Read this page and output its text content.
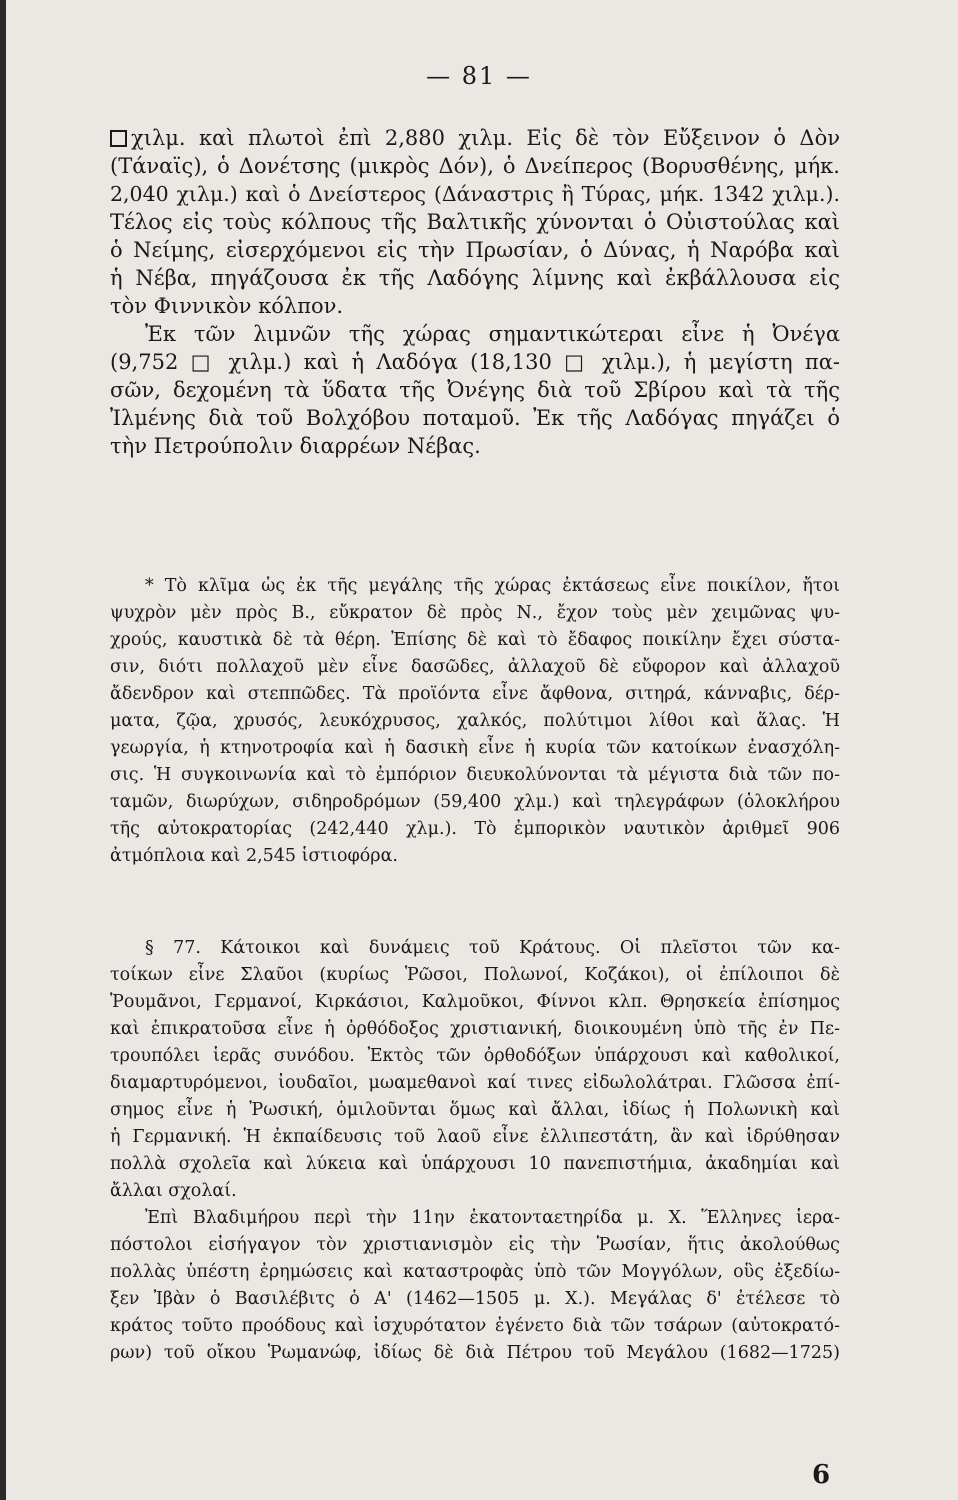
— 81 —
χιλμ. καὶ πλωτοὶ ἐπὶ 2,880 χιλμ. Εἰς δὲ τὸν Εὔξεινον ὁ Δὸν
(Τάναϊς), ὁ Δονέτσης (μικρὸς Δόν), ὁ Δνείπερος (Βορυσθένης, μήκ.
2,040 χιλμ.) καὶ ὁ Δνείστερος (Δάναστρις ἢ Τύρας, μήκ. 1342 χιλμ.).
Τέλος εἰς τοὺς κόλπους τῆς Βαλτικῆς χύνονται ὁ Οὐιστούλας καὶ
ὁ Νείμης, εἰσερχόμενοι εἰς τὴν Πρωσίαν, ὁ Δύνας, ἡ Ναρόβα καὶ
ἡ Νέβα, πηγάζουσα ἐκ τῆς Λαδόγης λίμνης καὶ ἐκβάλλουσα εἰς
τὸν Φιννικὸν κόλπον.
Ἐκ τῶν λιμνῶν τῆς χώρας σημαντικώτεραι εἶνε ἡ Ὀνέγα
(9,752 □ χιλμ.) καὶ ἡ Λαδόγα (18,130 □ χιλμ.), ἡ μεγίστη πα-
σῶν, δεχομένη τὰ ὕδατα τῆς Ὀνέγης διὰ τοῦ Σβίρου καὶ τὰ τῆς
Ἰλμένης διὰ τοῦ Βολχόβου ποταμοῦ. Ἐκ τῆς Λαδόγας πηγάζει ὁ
τὴν Πετρούπολιν διαρρέων Νέβας.
* Τὸ κλῖμα ὡς ἐκ τῆς μεγάλης τῆς χώρας ἐκτάσεως εἶνε ποικίλον, ἤτοι
ψυχρὸν μὲν πρὸς Β., εὔκρατον δὲ πρὸς Ν., ἔχον τοὺς μὲν χειμῶνας ψυ-
χρούς, καυστικὰ δὲ τὰ θέρη. Ἐπίσης δὲ καὶ τὸ ἔδαφος ποικίλην ἔχει σύστα-
σιν, διότι πολλαχοῦ μὲν εἶνε δασῶδες, ἀλλαχοῦ δὲ εὔφορον καὶ ἀλλαχοῦ
ἄδενδρον καὶ στεππῶδες. Τὰ προϊόντα εἶνε ἄφθονα, σιτηρά, κάνναβις, δέρ-
ματα, ζῷα, χρυσός, λευκόχρυσος, χαλκός, πολύτιμοι λίθοι καὶ ἅλας. Ἡ
γεωργία, ἡ κτηνοτροφία καὶ ἡ δασικὴ εἶνε ἡ κυρία τῶν κατοίκων ἐνασχόλη-
σις. Ἡ συγκοινωνία καὶ τὸ ἐμπόριον διευκολύνονται τὰ μέγιστα διὰ τῶν πο-
ταμῶν, διωρύχων, σιδηροδρόμων (59,400 χλμ.) καὶ τηλεγράφων (ὁλοκλήρου
τῆς αὐτοκρατορίας (242,440 χλμ.). Τὸ ἐμπορικὸν ναυτικὸν ἀριθμεῖ 906
ἀτμόπλοια καὶ 2,545 ἱστιοφόρα.
§ 77. Κάτοικοι καὶ δυνάμεις τοῦ Κράτους. Οἱ πλεῖστοι τῶν κα-
τοίκων εἶνε Σλαῦοι (κυρίως Ῥῶσοι, Πολωνοί, Κοζάκοι), οἱ ἐπίλοιποι δὲ
Ῥουμᾶνοι, Γερμανοί, Κιρκάσιοι, Καλμοῦκοι, Φίννοι κλπ. Θρησκεία ἐπίσημος
καὶ ἐπικρατοῦσα εἶνε ἡ ὀρθόδοξος χριστιανική, διοικουμένη ὑπὸ τῆς ἐν Πε-
τρουπόλει ἱερᾶς συνόδου. Ἐκτὸς τῶν ὀρθοδόξων ὑπάρχουσι καὶ καθολικοί,
διαμαρτυρόμενοι, ἰουδαῖοι, μωαμεθανοὶ καί τινες εἰδωλολάτραι. Γλῶσσα ἐπί-
σημος εἶνε ἡ Ῥωσική, ὁμιλοῦνται ὅμως καὶ ἄλλαι, ἰδίως ἡ Πολωνικὴ καὶ
ἡ Γερμανική. Ἡ ἐκπαίδευσις τοῦ λαοῦ εἶνε ἐλλιπεστάτη, ἂν καὶ ἱδρύθησαν
πολλὰ σχολεῖα καὶ λύκεια καὶ ὑπάρχουσι 10 πανεπιστήμια, ἀκαδημίαι καὶ
ἄλλαι σχολαί.
Ἐπὶ Βλαδιμήρου περὶ τὴν 11ην ἑκατονταετηρίδα μ. Χ. Ἕλληνες ἱερα-
πόστολοι εἰσήγαγον τὸν χριστιανισμὸν εἰς τὴν Ῥωσίαν, ἥτις ἀκολούθως
πολλὰς ὑπέστη ἐρημώσεις καὶ καταστροφὰς ὑπὸ τῶν Μογγόλων, οὓς ἐξεδίω-
ξεν Ἰβὰν ὁ Βασιλέβιτς ὁ Α' (1462—1505 μ. Χ.). Μεγάλας δ' ἐτέλεσε τὸ
κράτος τοῦτο προόδους καὶ ἰσχυρότατον ἐγένετο διὰ τῶν τσάρων (αὐτοκρατό-
ρων) τοῦ οἴκου Ῥωμανώφ, ἰδίως δὲ διὰ Πέτρου τοῦ Μεγάλου (1682—1725)
6
